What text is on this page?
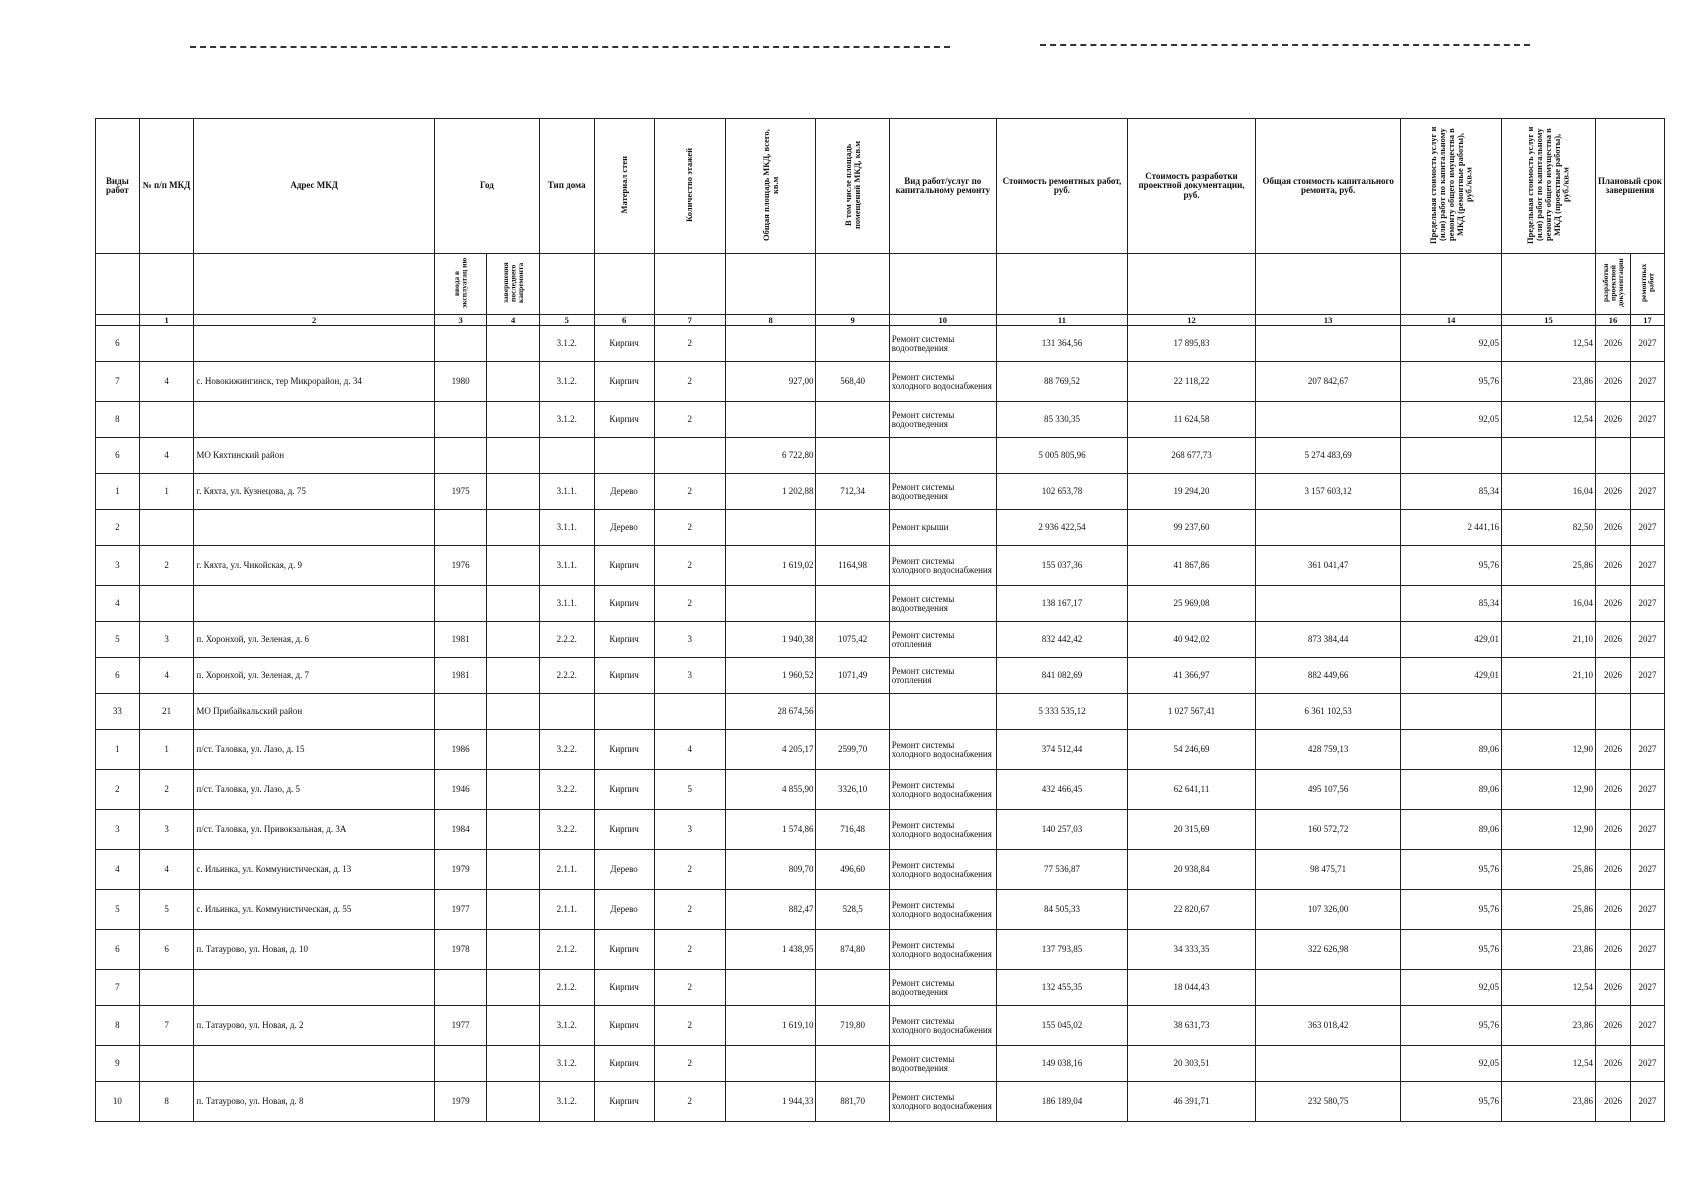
Виды работ	№ п/п МКД	Адрес МКД	Год		Тип дома	Материал стен	Количество этажей	Общая площадь МКД, всего, кв.м	В том числе площадь помещений МКД, кв.м	Вид работ/услуг по капитальному ремонту	Стоимость ремонтных работ, руб.	Стоимость разработки проектной документации, руб.	Общая стоимость капитального ремонта, руб.	Предельная стоимость услуг и (или) работ по капитальному ремонту общего имущества в МКД (ремонтные работы), руб./кв.м	Предельная стоимость услуг и (или) работ по капитальному ремонту общего имущества в МКД (проектные работы), руб./кв.м	Плановый срок завершения	
			ввода в эксплуатац ию	завершения последнего капремонта												разработки проектной документации	ремонтных работ
	1	2	3	4	5	6	7	8	9	10	11	12	13	14	15	16	17
6					3.1.2.	Кирпич	2			Ремонт системы водоотведения	131 364,56	17 895,83		92,05	12,54	2026	2027
7	4	с. Новокижингинск, тер Микрорайон, д. 34	1980		3.1.2.	Кирпич	2	927,00	568,40	Ремонт системы холодного водоснабжения	88 769,52	22 118,22	207 842,67	95,76	23,86	2026	2027
8					3.1.2.	Кирпич	2			Ремонт системы водоотведения	85 330,35	11 624,58		92,05	12,54	2026	2027
6	4	МО Кяхтинский район						6 722,80			5 005 805,96	268 677,73	5 274 483,69				
1	1	г. Кяхта, ул. Кузнецова, д. 75	1975		3.1.1.	Дерево	2	1 202,88	712,34	Ремонт системы водоотведения	102 653,78	19 294,20	3 157 603,12	85,34	16,04	2026	2027
2					3.1.1.	Дерево	2			Ремонт крыши	2 936 422,54	99 237,60		2 441,16	82,50	2026	2027
3	2	г. Кяхта, ул. Чикойская, д. 9	1976		3.1.1.	Кирпич	2	1 619,02	1164,98	Ремонт системы холодного водоснабжения	155 037,36	41 867,86	361 041,47	95,76	25,86	2026	2027
4					3.1.1.	Кирпич	2			Ремонт системы водоотведения	138 167,17	25 969,08		85,34	16,04	2026	2027
5	3	п. Хоронхой, ул. Зеленая, д. 6	1981		2.2.2.	Кирпич	3	1 940,38	1075,42	Ремонт системы отопления	832 442,42	40 942,02	873 384,44	429,01	21,10	2026	2027
6	4	п. Хоронхой, ул. Зеленая, д. 7	1981		2.2.2.	Кирпич	3	1 960,52	1071,49	Ремонт системы отопления	841 082,69	41 366,97	882 449,66	429,01	21,10	2026	2027
33	21	МО Прибайкальский район						28 674,56			5 333 535,12	1 027 567,41	6 361 102,53				
1	1	п/ст. Таловка, ул. Лазо, д. 15	1986		3.2.2.	Кирпич	4	4 205,17	2599,70	Ремонт системы холодного водоснабжения	374 512,44	54 246,69	428 759,13	89,06	12,90	2026	2027
2	2	п/ст. Таловка, ул. Лазо, д. 5	1946		3.2.2.	Кирпич	5	4 855,90	3326,10	Ремонт системы холодного водоснабжения	432 466,45	62 641,11	495 107,56	89,06	12,90	2026	2027
3	3	п/ст. Таловка, ул. Привокзальная, д. 3А	1984		3.2.2.	Кирпич	3	1 574,86	716,48	Ремонт системы холодного водоснабжения	140 257,03	20 315,69	160 572,72	89,06	12,90	2026	2027
4	4	с. Ильинка, ул. Коммунистическая, д. 13	1979		2.1.1.	Дерево	2	809,70	496,60	Ремонт системы холодного водоснабжения	77 536,87	20 938,84	98 475,71	95,76	25,86	2026	2027
5	5	с. Ильинка, ул. Коммунистическая, д. 55	1977		2.1.1.	Дерево	2	882,47	528,5	Ремонт системы холодного водоснабжения	84 505,33	22 820,67	107 326,00	95,76	25,86	2026	2027
6	6	п. Татаурово, ул. Новая, д. 10	1978		2.1.2.	Кирпич	2	1 438,95	874,80	Ремонт системы холодного водоснабжения	137 793,85	34 333,35	322 626,98	95,76	23,86	2026	2027
7					2.1.2.	Кирпич	2			Ремонт системы водоотведения	132 455,35	18 044,43		92,05	12,54	2026	2027
8	7	п. Татаурово, ул. Новая, д. 2	1977		3.1.2.	Кирпич	2	1 619,10	719,80	Ремонт системы холодного водоснабжения	155 045,02	38 631,73	363 018,42	95,76	23,86	2026	2027
9					3.1.2.	Кирпич	2			Ремонт системы водоотведения	149 038,16	20 303,51		92,05	12,54	2026	2027
10	8	п. Татаурово, ул. Новая, д. 8	1979		3.1.2.	Кирпич	2	1 944,33	881,70	Ремонт системы холодного водоснабжения	186 189,04	46 391,71	232 580,75	95,76	23,86	2026	2027
